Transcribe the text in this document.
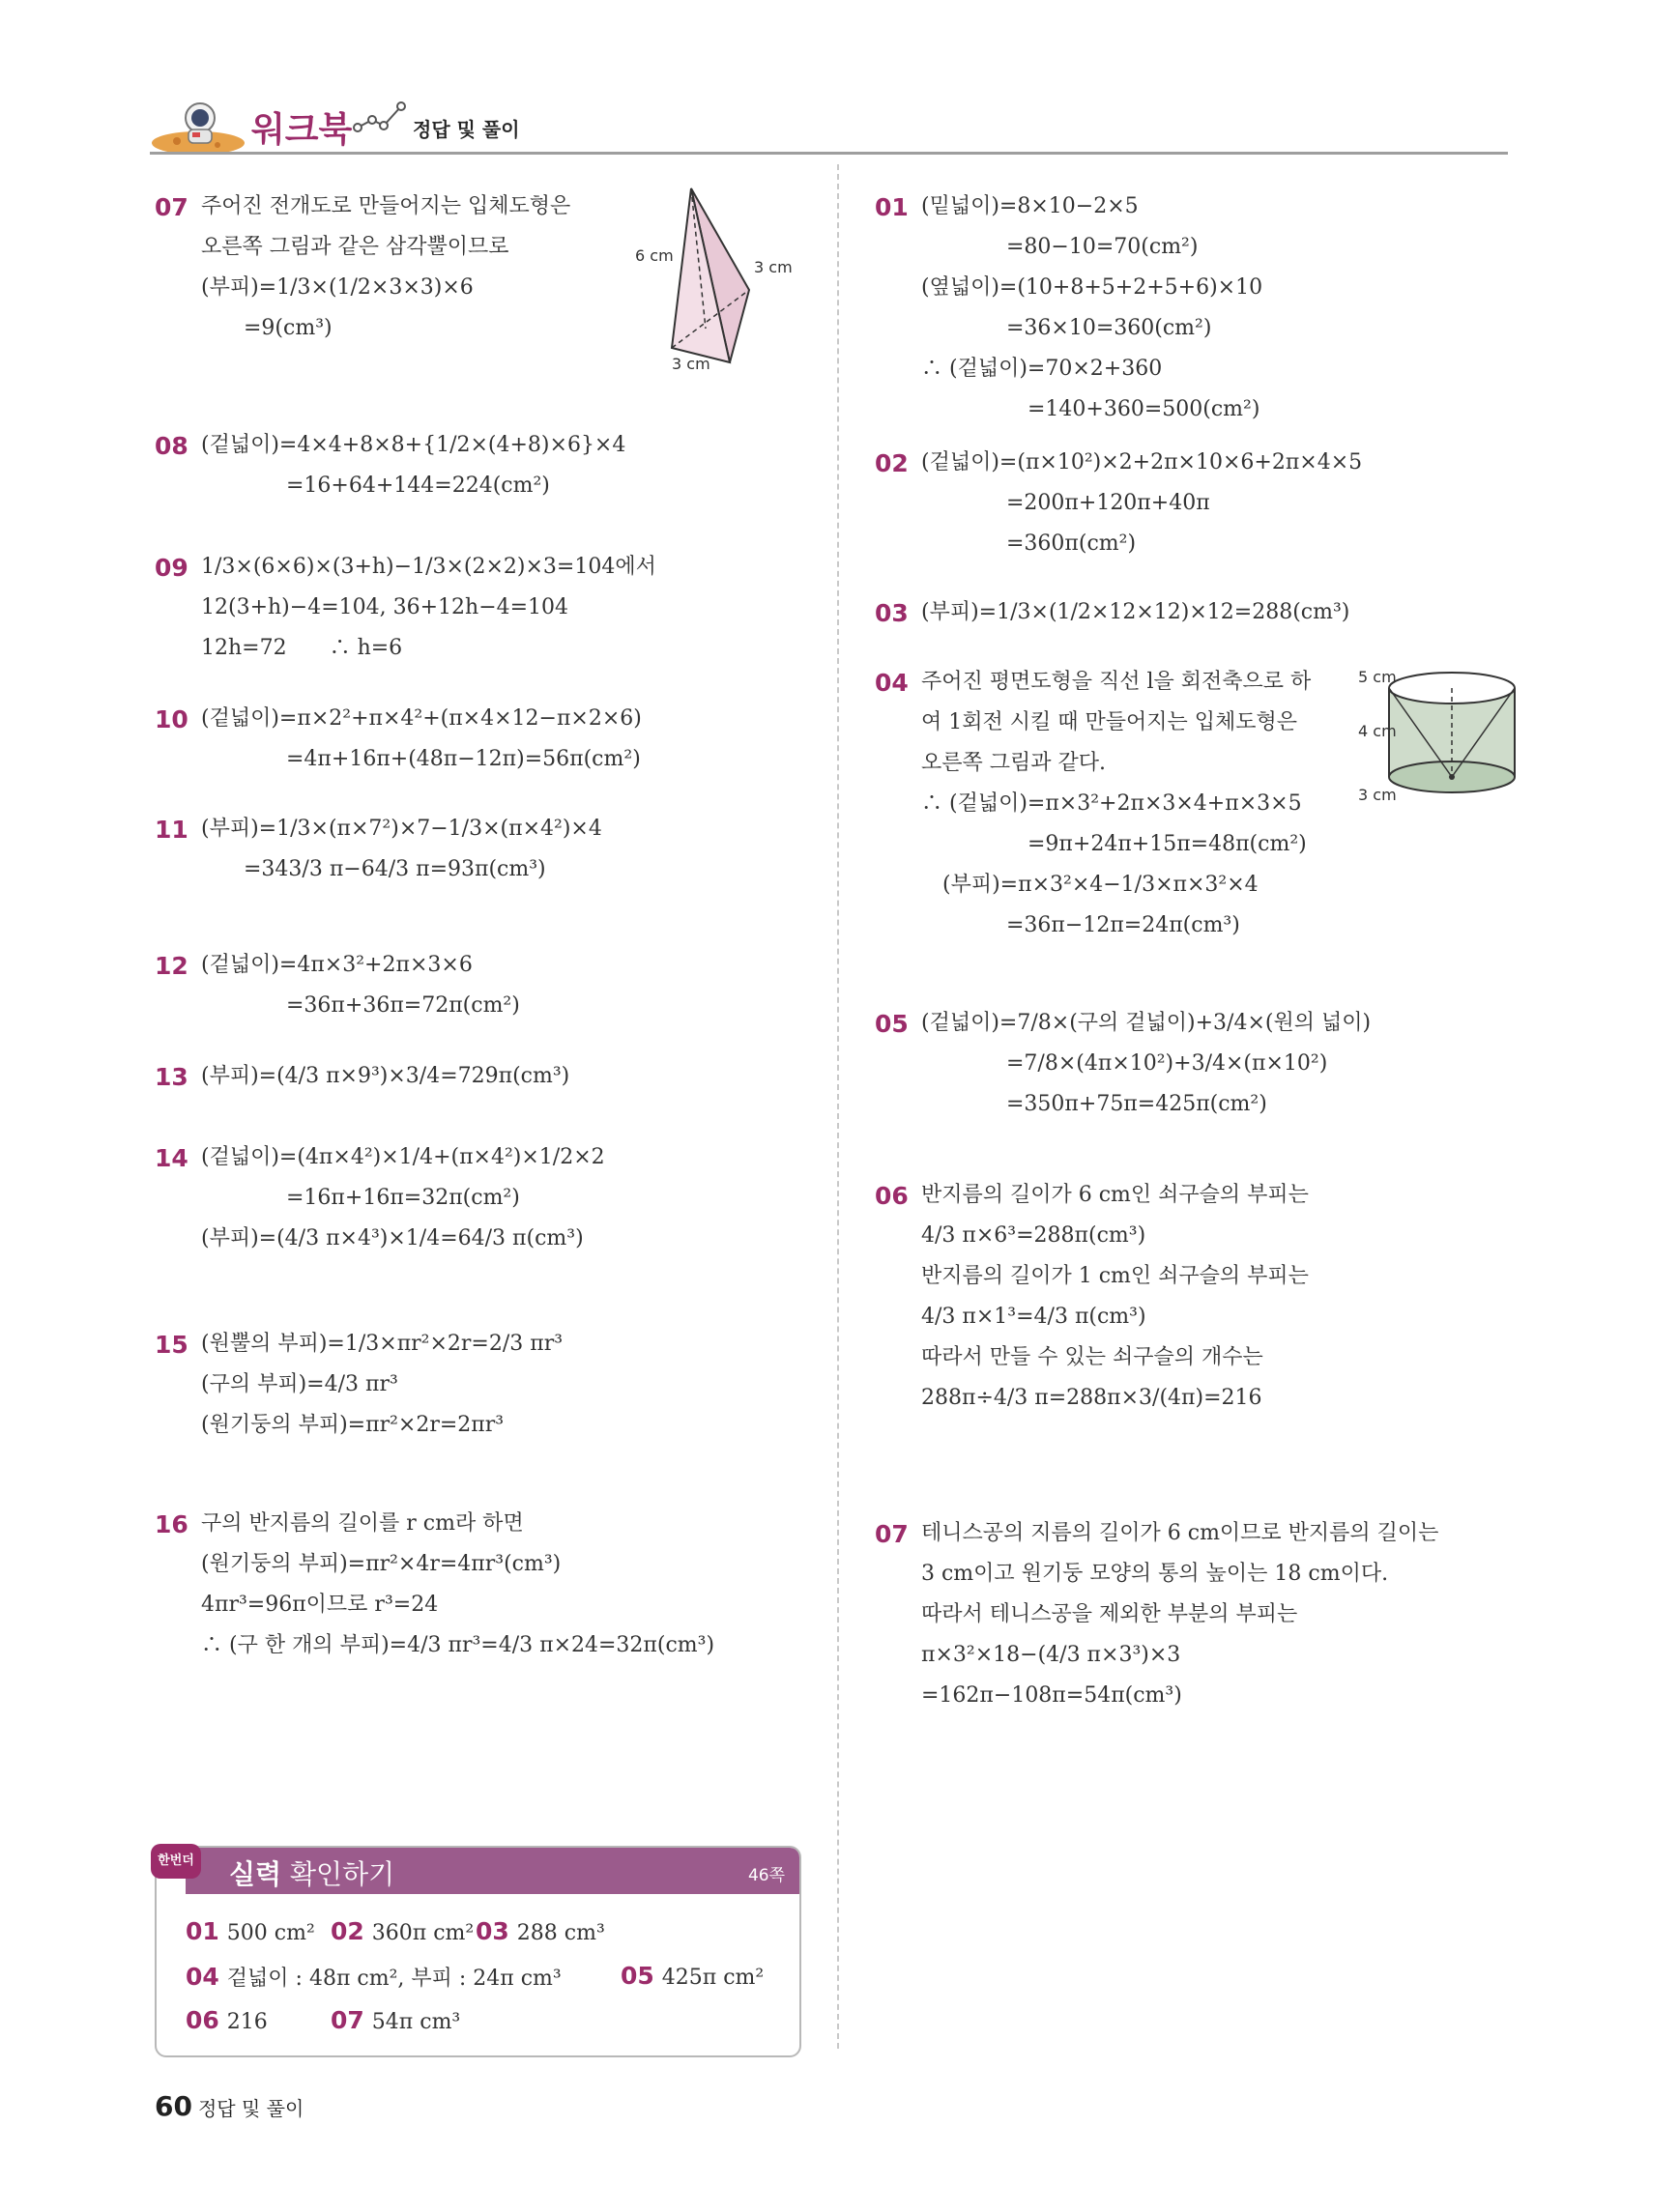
워크북	정답 및 풀이
07 주어진 전개도로 만들어지는 입체도형은
오른쪽 그림과 같은 삼각뿔이므로
(부피)=1/3×(1/2×3×3)×6
　　=9(cm³)
08 (겉넓이)=4×4+8×8+{1/2×(4+8)×6}×4
　　　　=16+64+144=224(cm²)
09 1/3×(6×6)×(3+h)−1/3×(2×2)×3=104에서
12(3+h)−4=104, 36+12h−4=104
12h=72　　∴ h=6
10 (겉넓이)=π×2²+π×4²+(π×4×12−π×2×6)
　　　　=4π+16π+(48π−12π)=56π(cm²)
11 (부피)=1/3×(π×7²)×7−1/3×(π×4²)×4
　　=343/3 π−64/3 π=93π(cm³)
12 (겉넓이)=4π×3²+2π×3×6
　　　　=36π+36π=72π(cm²)
13 (부피)=(4/3 π×9³)×3/4=729π(cm³)
14 (겉넓이)=(4π×4²)×1/4+(π×4²)×1/2×2
　　　　=16π+16π=32π(cm²)
(부피)=(4/3 π×4³)×1/4=64/3 π(cm³)
15 (원뿔의 부피)=1/3×πr²×2r=2/3 πr³
(구의 부피)=4/3 πr³
(원기둥의 부피)=πr²×2r=2πr³
16 구의 반지름의 길이를 r cm라 하면
(원기둥의 부피)=πr²×4r=4πr³(cm³)
4πr³=96π이므로 r³=24
∴ (구 한 개의 부피)=4/3 πr³=4/3 π×24=32π(cm³)
01 (밑넓이)=8×10−2×5
　　　　=80−10=70(cm²)
(옆넓이)=(10+8+5+2+5+6)×10
　　　　=36×10=360(cm²)
∴ (겉넓이)=70×2+360
　　　　　=140+360=500(cm²)
02 (겉넓이)=(π×10²)×2+2π×10×6+2π×4×5
　　　　=200π+120π+40π
　　　　=360π(cm²)
03 (부피)=1/3×(1/2×12×12)×12=288(cm³)
04 주어진 평면도형을 직선 l을 회전축으로 하
여 1회전 시킬 때 만들어지는 입체도형은
오른쪽 그림과 같다.
∴ (겉넓이)=π×3²+2π×3×4+π×3×5
　　　　　=9π+24π+15π=48π(cm²)
　(부피)=π×3²×4−1/3×π×3²×4
　　　　=36π−12π=24π(cm³)
05 (겉넓이)=7/8×(구의 겉넓이)+3/4×(원의 넓이)
　　　　=7/8×(4π×10²)+3/4×(π×10²)
　　　　=350π+75π=425π(cm²)
06 반지름의 길이가 6 cm인 쇠구슬의 부피는
4/3 π×6³=288π(cm³)
반지름의 길이가 1 cm인 쇠구슬의 부피는
4/3 π×1³=4/3 π(cm³)
따라서 만들 수 있는 쇠구슬의 개수는
288π÷4/3 π=288π×3/(4π)=216
07 테니스공의 지름의 길이가 6 cm이므로 반지름의 길이는
3 cm이고 원기둥 모양의 통의 높이는 18 cm이다.
따라서 테니스공을 제외한 부분의 부피는
π×3²×18−(4/3 π×3³)×3
=162π−108π=54π(cm³)
6 cm
3 cm
3 cm
5 cm
4 cm
3 cm
실력 확인하기	46쪽
한번더
01 500 cm² 02 360π cm² 03 288 cm³
04 겉넓이 : 48π cm², 부피 : 24π cm³ 05 425π cm²
06 216	07 54π cm³
60 정답 및 풀이
